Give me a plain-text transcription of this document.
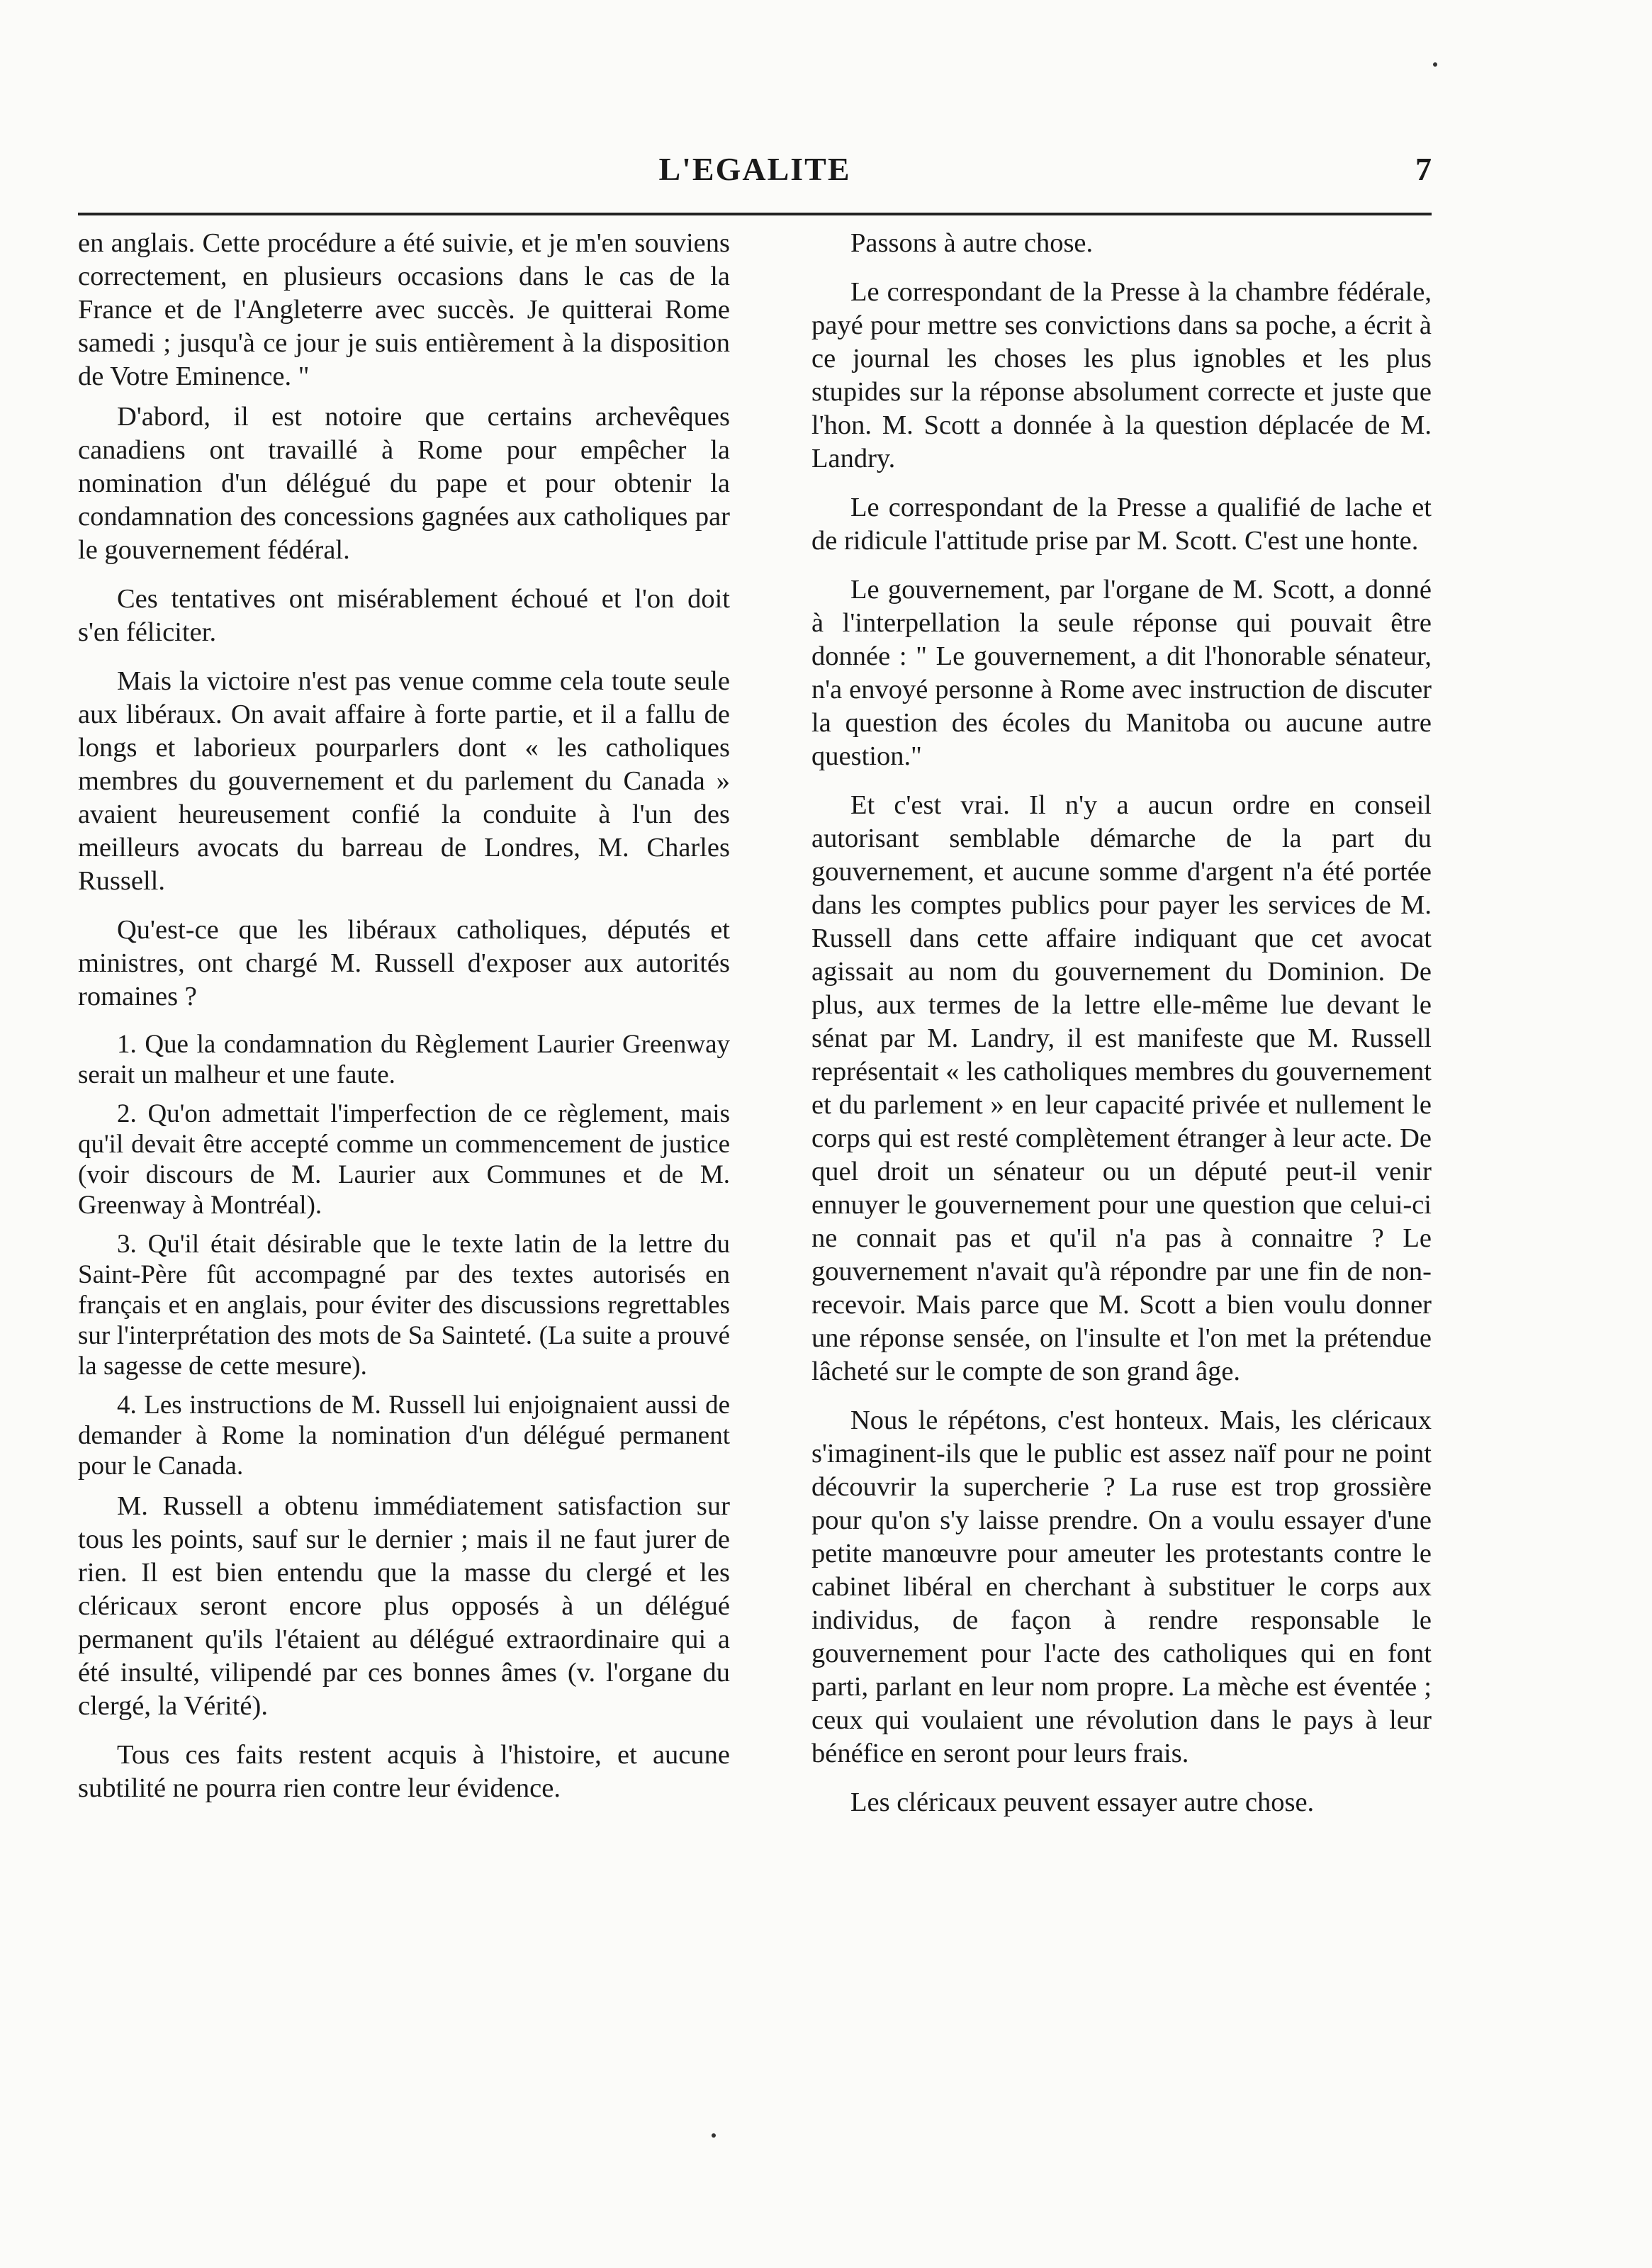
L'EGALITE	7

en anglais. Cette procédure a été suivie, et je m'en souviens correctement, en plusieurs occasions dans le cas de la France et de l'Angleterre avec succès. Je quitterai Rome samedi ; jusqu'à ce jour je suis entièrement à la disposition de Votre Eminence. "

D'abord, il est notoire que certains archevêques canadiens ont travaillé à Rome pour empêcher la nomination d'un délégué du pape et pour obtenir la condamnation des concessions gagnées aux catholiques par le gouvernement fédéral.

Ces tentatives ont misérablement échoué et l'on doit s'en féliciter.

Mais la victoire n'est pas venue comme cela toute seule aux libéraux. On avait affaire à forte partie, et il a fallu de longs et laborieux pourparlers dont « les catholiques membres du gouvernement et du parlement du Canada » avaient heureusement confié la conduite à l'un des meilleurs avocats du barreau de Londres, M. Charles Russell.

Qu'est-ce que les libéraux catholiques, députés et ministres, ont chargé M. Russell d'exposer aux autorités romaines ?

1. Que la condamnation du Règlement Laurier Greenway serait un malheur et une faute.

2. Qu'on admettait l'imperfection de ce règlement, mais qu'il devait être accepté comme un commencement de justice (voir discours de M. Laurier aux Communes et de M. Greenway à Montréal).

3. Qu'il était désirable que le texte latin de la lettre du Saint-Père fût accompagné par des textes autorisés en français et en anglais, pour éviter des discussions regrettables sur l'interprétation des mots de Sa Sainteté. (La suite a prouvé la sagesse de cette mesure).

4. Les instructions de M. Russell lui enjoignaient aussi de demander à Rome la nomination d'un délégué permanent pour le Canada.

M. Russell a obtenu immédiatement satisfaction sur tous les points, sauf sur le dernier ; mais il ne faut jurer de rien. Il est bien entendu que la masse du clergé et les cléricaux seront encore plus opposés à un délégué permanent qu'ils l'étaient au délégué extraordinaire qui a été insulté, vilipendé par ces bonnes âmes (v. l'organe du clergé, la Vérité).

Tous ces faits restent acquis à l'histoire, et aucune subtilité ne pourra rien contre leur évidence.

Passons à autre chose.

Le correspondant de la Presse à la chambre fédérale, payé pour mettre ses convictions dans sa poche, a écrit à ce journal les choses les plus ignobles et les plus stupides sur la réponse absolument correcte et juste que l'hon. M. Scott a donnée à la question déplacée de M. Landry.

Le correspondant de la Presse a qualifié de lache et de ridicule l'attitude prise par M. Scott. C'est une honte.

Le gouvernement, par l'organe de M. Scott, a donné à l'interpellation la seule réponse qui pouvait être donnée : " Le gouvernement, a dit l'honorable sénateur, n'a envoyé personne à Rome avec instruction de discuter la question des écoles du Manitoba ou aucune autre question."

Et c'est vrai. Il n'y a aucun ordre en conseil autorisant semblable démarche de la part du gouvernement, et aucune somme d'argent n'a été portée dans les comptes publics pour payer les services de M. Russell dans cette affaire indiquant que cet avocat agissait au nom du gouvernement du Dominion. De plus, aux termes de la lettre elle-même lue devant le sénat par M. Landry, il est manifeste que M. Russell représentait « les catholiques membres du gouvernement et du parlement » en leur capacité privée et nullement le corps qui est resté complètement étranger à leur acte. De quel droit un sénateur ou un député peut-il venir ennuyer le gouvernement pour une question que celui-ci ne connait pas et qu'il n'a pas à connaitre ? Le gouvernement n'avait qu'à répondre par une fin de non-recevoir. Mais parce que M. Scott a bien voulu donner une réponse sensée, on l'insulte et l'on met la prétendue lâcheté sur le compte de son grand âge.

Nous le répétons, c'est honteux. Mais, les cléricaux s'imaginent-ils que le public est assez naïf pour ne point découvrir la supercherie ? La ruse est trop grossière pour qu'on s'y laisse prendre. On a voulu essayer d'une petite manœuvre pour ameuter les protestants contre le cabinet libéral en cherchant à substituer le corps aux individus, de façon à rendre responsable le gouvernement pour l'acte des catholiques qui en font parti, parlant en leur nom propre. La mèche est éventée ; ceux qui voulaient une révolution dans le pays à leur bénéfice en seront pour leurs frais.

Les cléricaux peuvent essayer autre chose.
